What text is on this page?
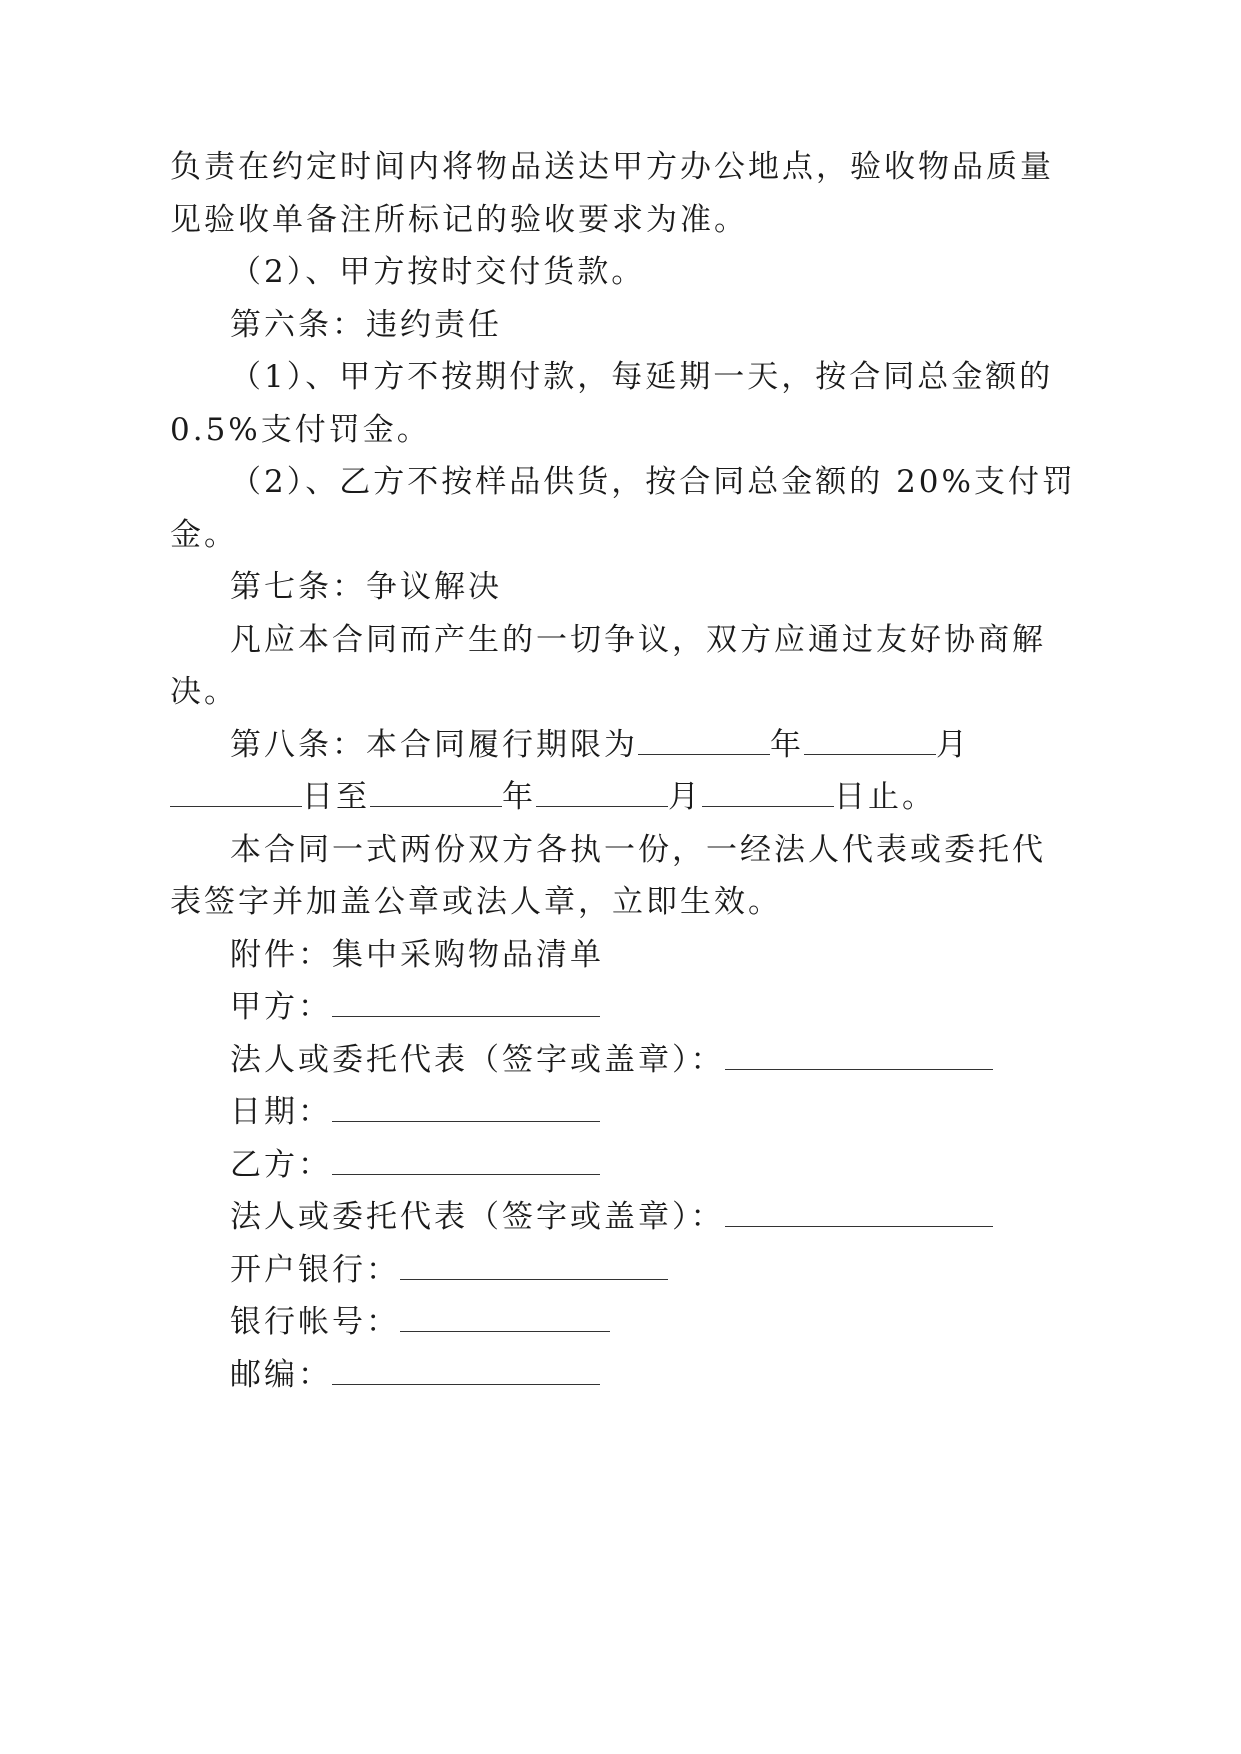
负责在约定时间内将物品送达甲方办公地点，验收物品质量
见验收单备注所标记的验收要求为准。
（2）、甲方按时交付货款。
第六条：违约责任
（1）、甲方不按期付款，每延期一天，按合同总金额的
0.5%支付罚金。
（2）、乙方不按样品供货，按合同总金额的 20%支付罚
金。
第七条：争议解决
凡应本合同而产生的一切争议，双方应通过友好协商解
决。
第八条：本合同履行期限为	年	月
日至	年	月	日止。
本合同一式两份双方各执一份，一经法人代表或委托代
表签字并加盖公章或法人章，立即生效。
附件：集中采购物品清单
甲方：
法人或委托代表（签字或盖章）：
日期：
乙方：
法人或委托代表（签字或盖章）：
开户银行：
银行帐号：
邮编：
